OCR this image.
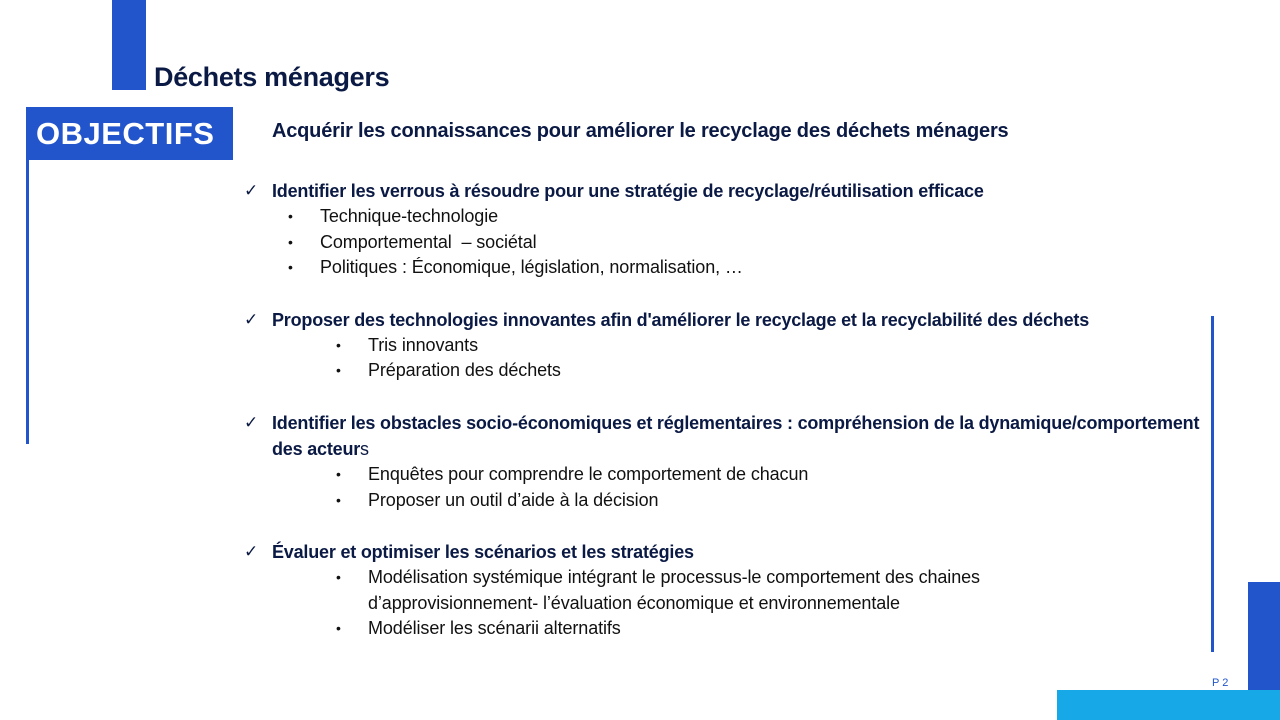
Déchets ménagers
OBJECTIFS	Acquérir les connaissances pour améliorer le recyclage des déchets ménagers
✓ Identifier les verrous à résoudre pour une stratégie de recyclage/réutilisation efficace
•	Technique-technologie
•	Comportemental  – sociétal
•	Politiques : Économique, législation, normalisation, …
✓ Proposer des technologies innovantes afin d'améliorer le recyclage et la recyclabilité des déchets
•	Tris innovants
•	Préparation des déchets
✓ Identifier les obstacles socio-économiques et réglementaires : compréhension de la dynamique/comportement  des acteurs
•	Enquêtes pour comprendre le comportement de chacun
•	Proposer un outil d’aide à la décision
✓ Évaluer et optimiser les scénarios et les stratégies
•	Modélisation systémique intégrant le processus-le comportement des chaines d’approvisionnement- l’évaluation économique et environnementale
•	Modéliser les scénarii alternatifs
P 2
